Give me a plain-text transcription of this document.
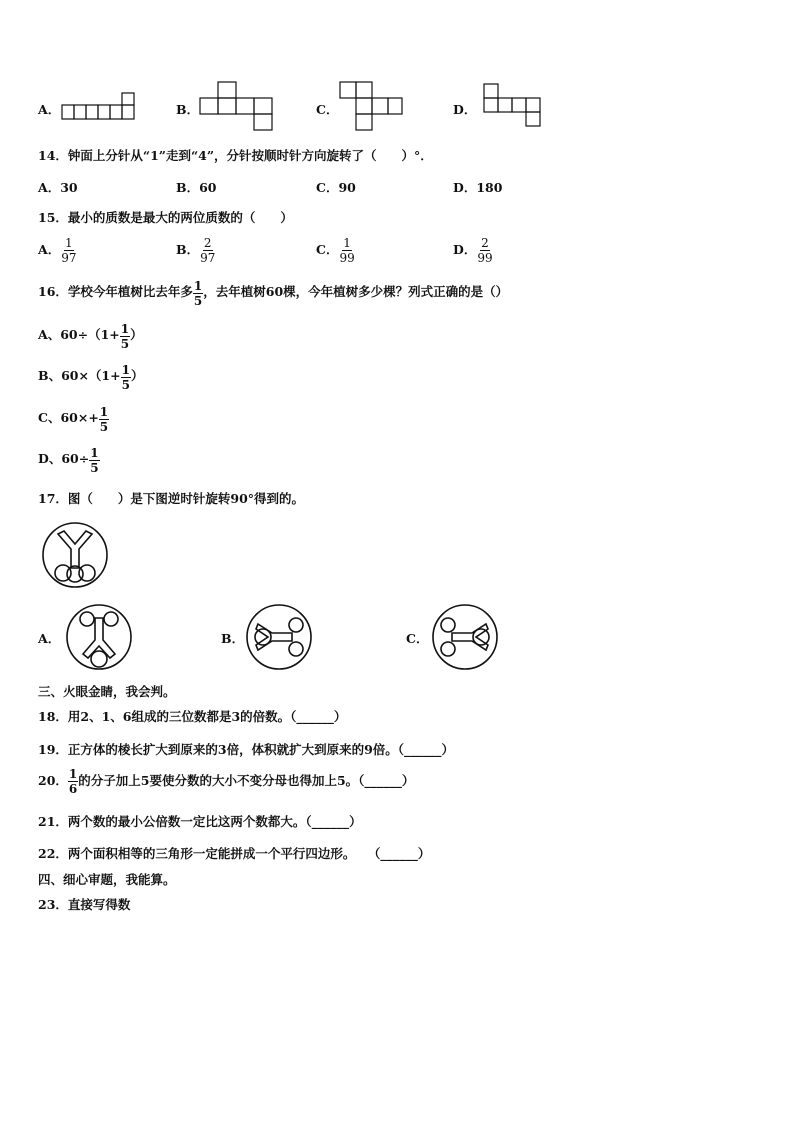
A．	B．	C．	D．
14．钟面上分针从“1”走到“4”，分针按顺时针方向旋转了（　　）°．
A．30	B．60	C．90	D．180
15．最小的质数是最大的两位质数的（　　）
A． $\frac{1}{97}$	B． $\frac{2}{97}$	C． $\frac{1}{99}$	D． $\frac{2}{99}$
16．学校今年植树比去年多 $\frac{1}{5}$ ，去年植树60棵，今年植树多少棵？列式正确的是（）
A、$60\div(1+ \frac{1}{5}$ ）
B、$60\times(1+ \frac{1}{5}$ ）
C、$60\times+ \frac{1}{5}$
D、$60\div \frac{1}{5}$
17．图（　　）是下图逆时针旋转90°得到的。
A．	B．	C．
三、火眼金睛，我会判。
18．用2、1、6组成的三位数都是3的倍数。（______）
19．正方体的棱长扩大到原来的3倍，体积就扩大到原来的9倍。（______）
20． $\frac{1}{6}$ 的分子加上5要使分数的大小不变分母也得加上5。（______）
21．两个数的最小公倍数一定比这两个数都大。（______）
22．两个面积相等的三角形一定能拼成一个平行四边形。　　（______）
四、细心审题，我能算。
23．直接写得数
